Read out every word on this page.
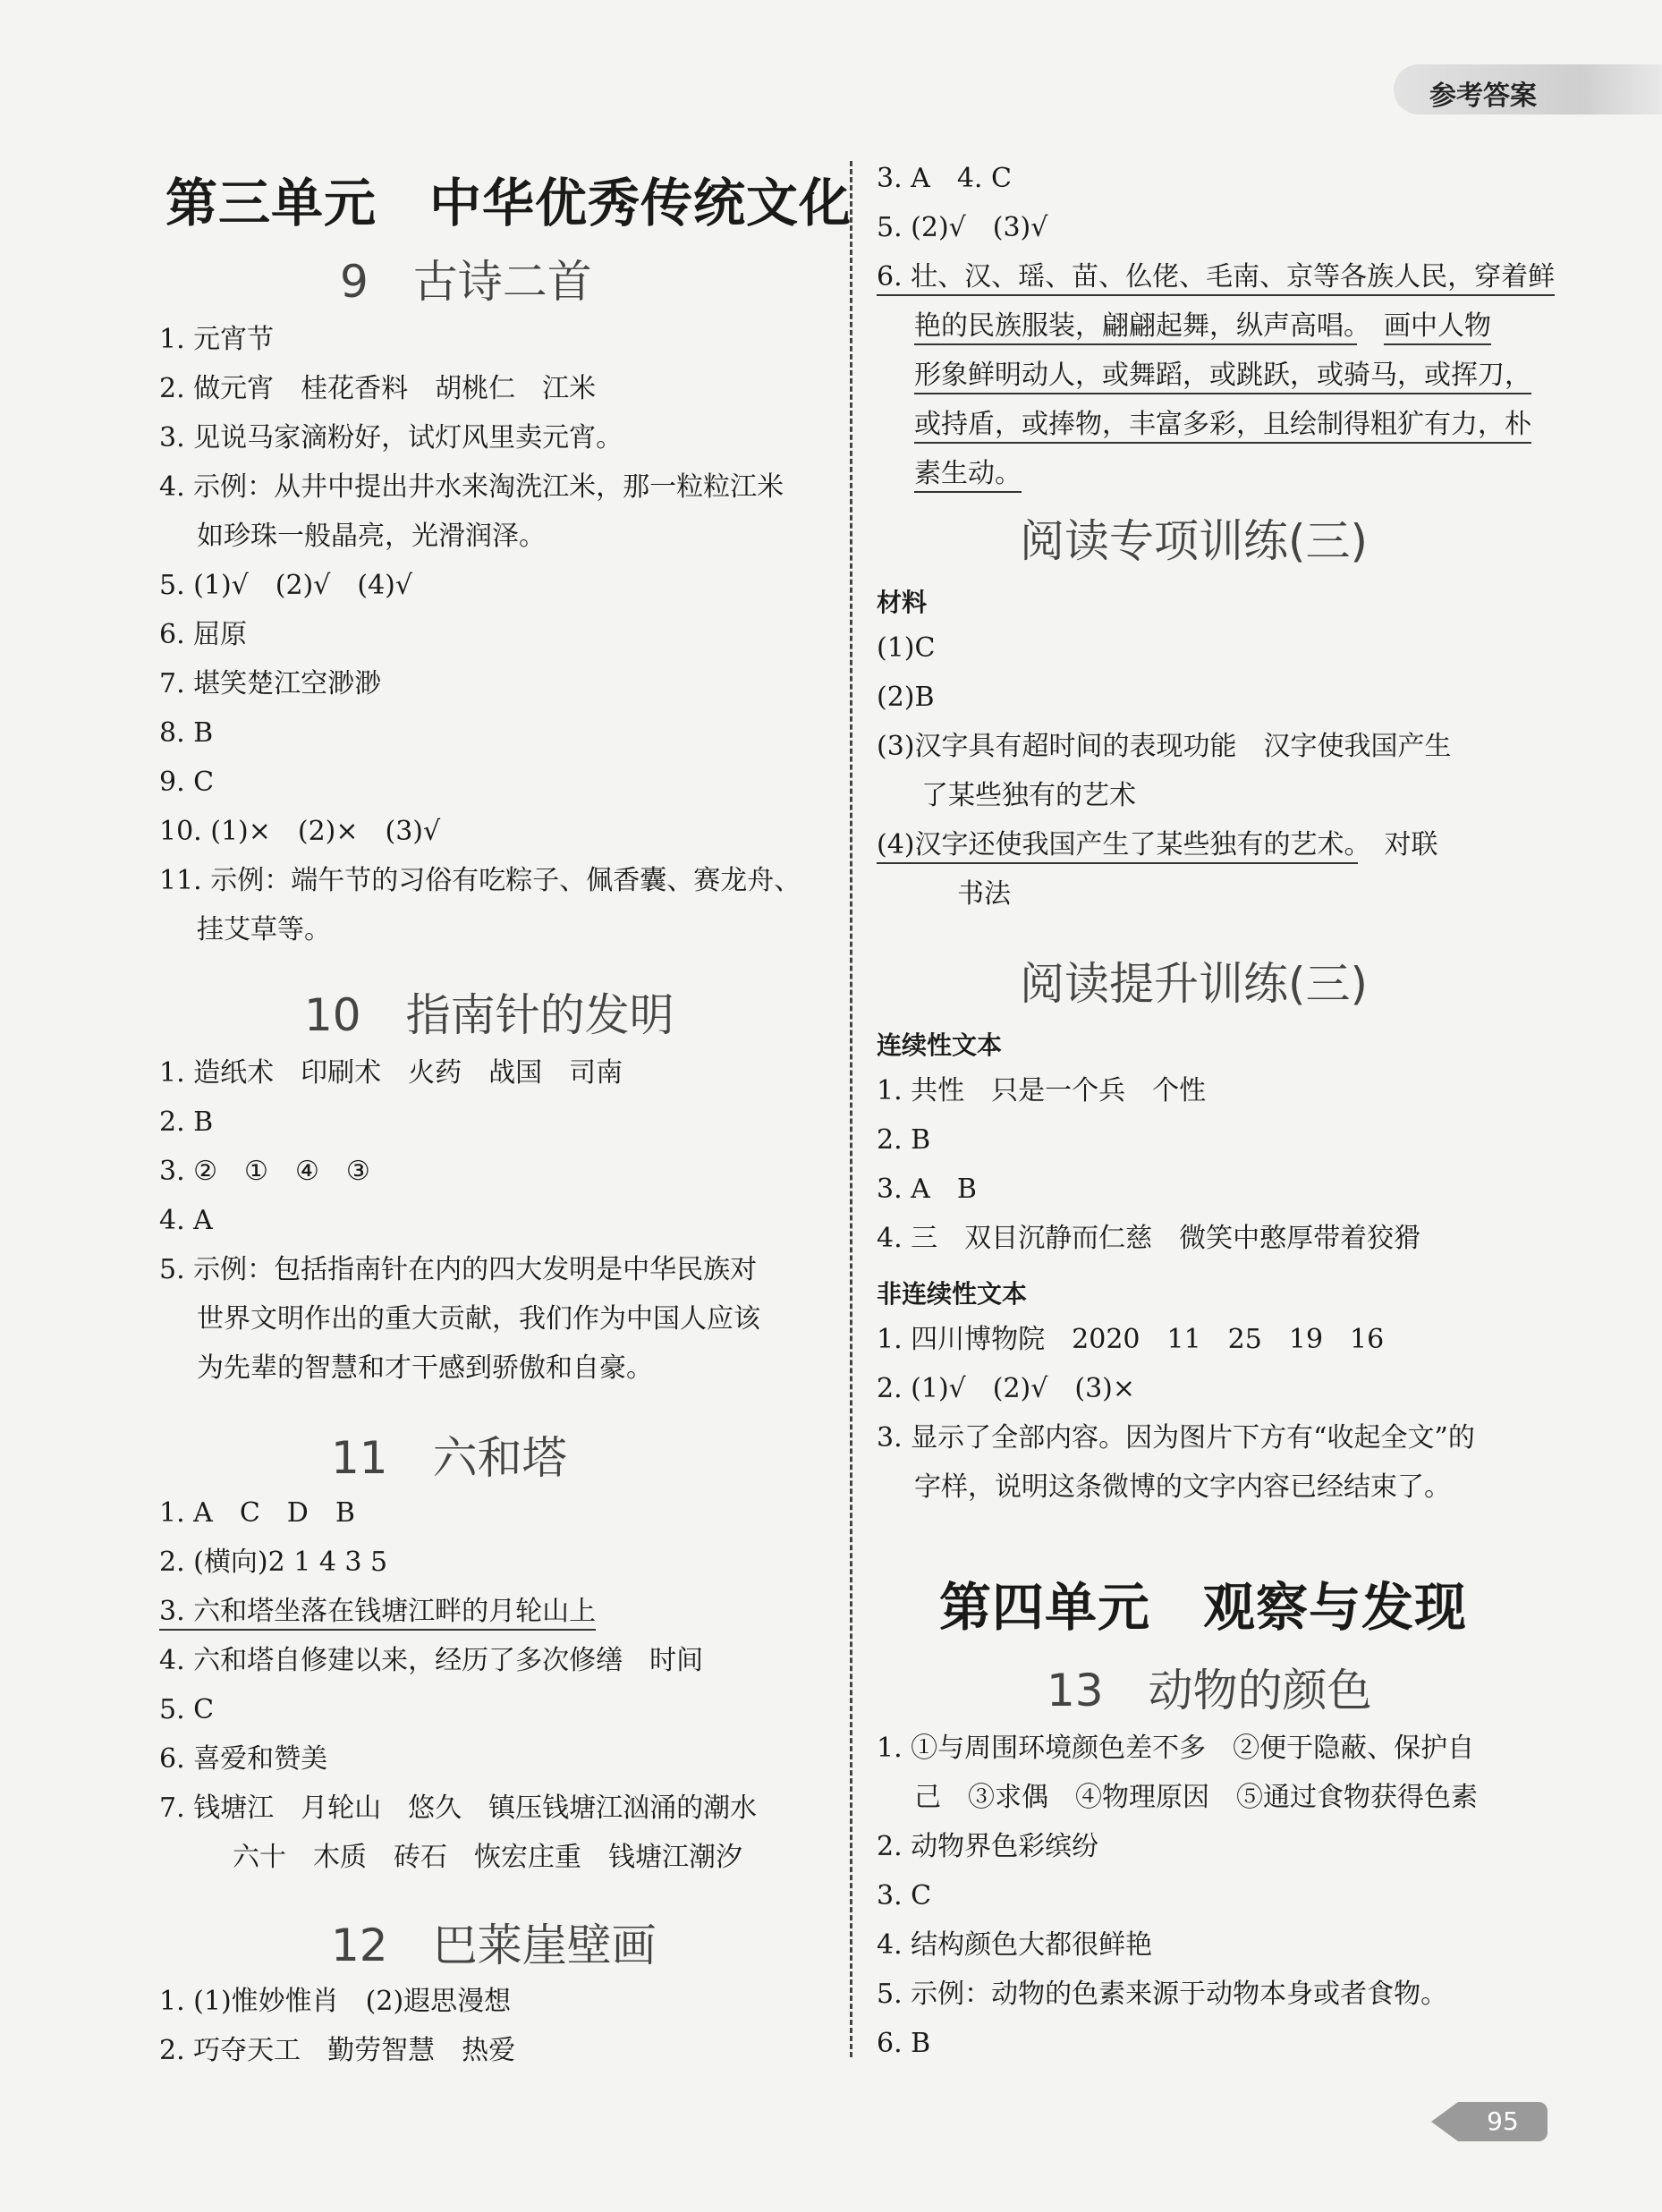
参考答案
第三单元　中华优秀传统文化
9　古诗二首
1. 元宵节
2. 做元宵　桂花香料　胡桃仁　江米
3. 见说马家滴粉好，试灯风里卖元宵。
4. 示例：从井中提出井水来淘洗江米，那一粒粒江米
如珍珠一般晶亮，光滑润泽。
5. (1)√　(2)√　(4)√
6. 屈原
7. 堪笑楚江空渺渺
8. B
9. C
10. (1)×　(2)×　(3)√
11. 示例：端午节的习俗有吃粽子、佩香囊、赛龙舟、
挂艾草等。
10　指南针的发明
1. 造纸术　印刷术　火药　战国　司南
2. B
3. ②　①　④　③
4. A
5. 示例：包括指南针在内的四大发明是中华民族对
世界文明作出的重大贡献，我们作为中国人应该
为先辈的智慧和才干感到骄傲和自豪。
11　六和塔
1. A　C　D　B
2. (横向)2 1 4 3 5
3. 六和塔坐落在钱塘江畔的月轮山上
4. 六和塔自修建以来，经历了多次修缮　时间
5. C
6. 喜爱和赞美
7. 钱塘江　月轮山　悠久　镇压钱塘江汹涌的潮水
六十　木质　砖石　恢宏庄重　钱塘江潮汐
12　巴莱崖壁画
1. (1)惟妙惟肖　(2)遐思漫想
2. 巧夺天工　勤劳智慧　热爱
3. A　4. C
5. (2)√　(3)√
6. 壮、汉、瑶、苗、仫佬、毛南、京等各族人民，穿着鲜
艳的民族服装，翩翩起舞，纵声高唱。　 画中人物
形象鲜明动人，或舞蹈，或跳跃，或骑马，或挥刀，
或持盾，或捧物，丰富多彩，且绘制得粗犷有力，朴
素生动。
阅读专项训练(三)
材料
(1)C
(2)B
(3)汉字具有超时间的表现功能　汉字使我国产生
了某些独有的艺术
(4)汉字还使我国产生了某些独有的艺术。　 对联
书法
阅读提升训练(三)
连续性文本
1. 共性　只是一个兵　个性
2. B
3. A　B
4. 三　双目沉静而仁慈　微笑中憨厚带着狡猾
非连续性文本
1. 四川博物院　2020　11　25　19　16
2. (1)√　(2)√　(3)×
3. 显示了全部内容。因为图片下方有“收起全文”的
字样，说明这条微博的文字内容已经结束了。
第四单元　观察与发现
13　动物的颜色
1. ①与周围环境颜色差不多　②便于隐蔽、保护自
己　③求偶　④物理原因　⑤通过食物获得色素
2. 动物界色彩缤纷
3. C
4. 结构颜色大都很鲜艳
5. 示例：动物的色素来源于动物本身或者食物。
6. B
95
